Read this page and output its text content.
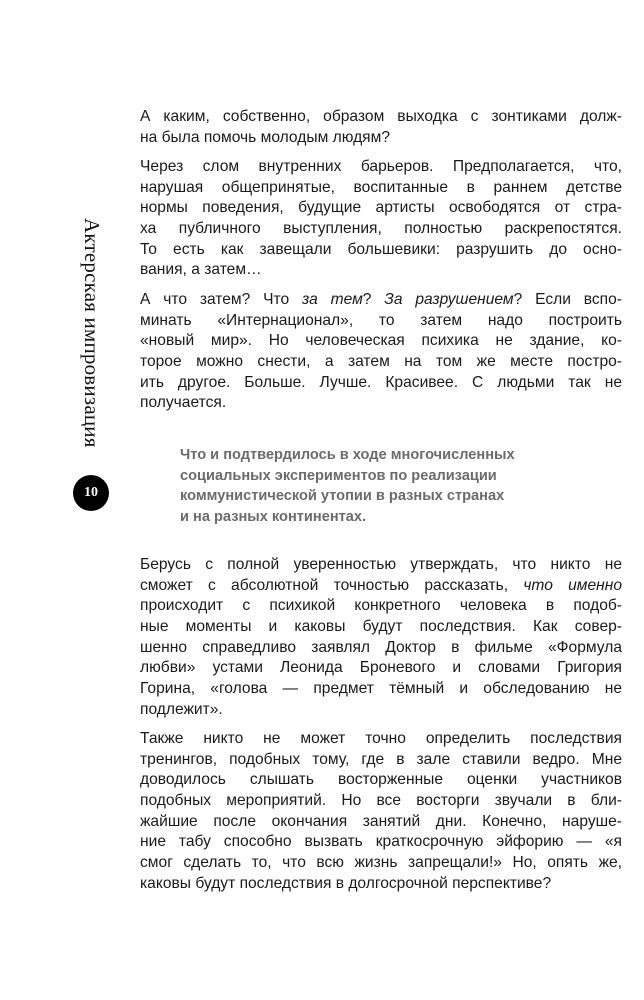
Актерская импровизация
10
А каким, собственно, образом выходка с зонтиками долж-
на была помочь молодым людям?
Через слом внутренних барьеров. Предполагается, что,
нарушая общепринятые, воспитанные в раннем детстве
нормы поведения, будущие артисты освободятся от стра-
ха публичного выступления, полностью раскрепостятся.
То есть как завещали большевики: разрушить до осно-
вания, а затем…
А что затем? Что за тем? За разрушением? Если вспо-
минать «Интернационал», то затем надо построить
«новый мир». Но человеческая психика не здание, ко-
торое можно снести, а затем на том же месте постро-
ить другое. Больше. Лучше. Красивее. С людьми так не
получается.
Что и подтвердилось в ходе многочисленных
социальных экспериментов по реализации
коммунистической утопии в разных странах
и на разных континентах.
Берусь с полной уверенностью утверждать, что никто не
сможет с абсолютной точностью рассказать, что именно
происходит с психикой конкретного человека в подоб-
ные моменты и каковы будут последствия. Как совер-
шенно справедливо заявлял Доктор в фильме «Формула
любви» устами Леонида Броневого и словами Григория
Горина, «голова — предмет тёмный и обследованию не
подлежит».
Также никто не может точно определить последствия
тренингов, подобных тому, где в зале ставили ведро. Мне
доводилось слышать восторженные оценки участников
подобных мероприятий. Но все восторги звучали в бли-
жайшие после окончания занятий дни. Конечно, наруше-
ние табу способно вызвать краткосрочную эйфорию — «я
смог сделать то, что всю жизнь запрещали!» Но, опять же,
каковы будут последствия в долгосрочной перспективе?
